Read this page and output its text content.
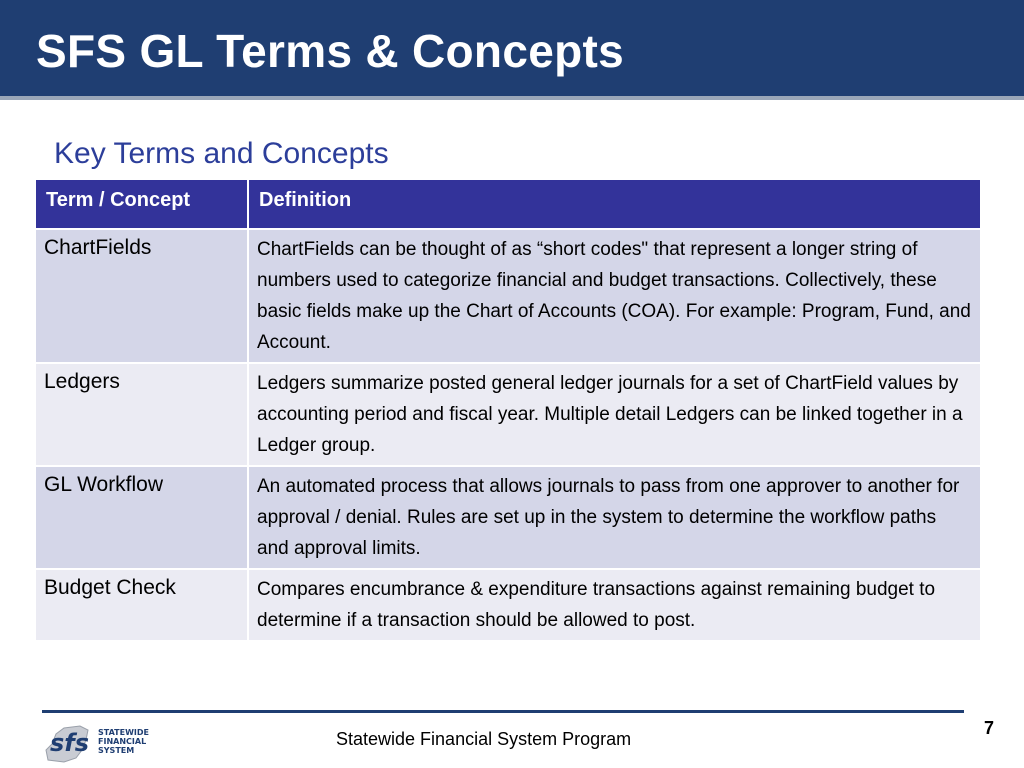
SFS GL Terms & Concepts
Key Terms and Concepts
Term / Concept	Definition
ChartFields	ChartFields can be thought of as “short codes" that represent a longer string of numbers used to categorize financial and budget transactions. Collectively, these basic fields make up the Chart of Accounts (COA). For example: Program, Fund, and Account.
Ledgers	Ledgers summarize posted general ledger journals for a set of ChartField values by accounting period and fiscal year. Multiple detail Ledgers can be linked together in a Ledger group.
GL Workflow	An automated process that allows journals to pass from one approver to another for approval / denial. Rules are set up in the system to determine the workflow paths and approval limits.
Budget Check	Compares encumbrance & expenditure transactions against remaining budget to determine if a transaction should be allowed to post.
sfs STATEWIDE
FINANCIAL
SYSTEM
Statewide Financial System Program
7
